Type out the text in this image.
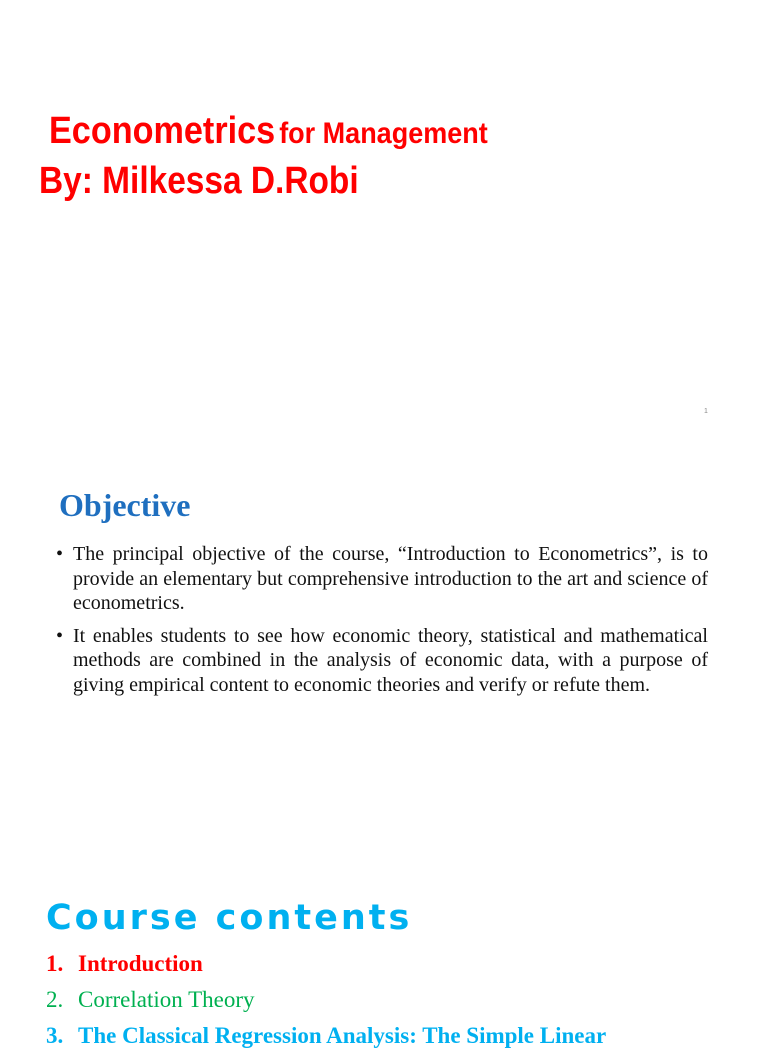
Econometrics for Management
By: Milkessa D.Robi
1
Objective
• The principal objective of the course, “Introduction to Econometrics”, is to provide an elementary but comprehensive introduction to the art and science of econometrics.
• It enables students to see how economic theory, statistical and mathematical methods are combined in the analysis of economic data, with a purpose of giving empirical content to economic theories and verify or refute them.
Course contents
1. Introduction
2. Correlation Theory
3. The Classical Regression Analysis: The Simple Linear
